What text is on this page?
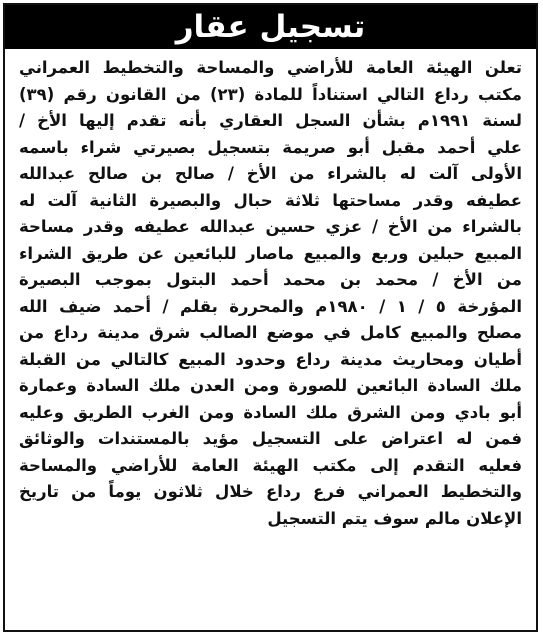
تسجيل عقار
تعلن الهيئة العامة للأراضي والمساحة والتخطيط العمراني
مكتب رداع التالي استناداً للمادة (٢٣) من القانون رقم (٣٩)
لسنة ١٩٩١م بشأن السجل العقاري بأنه تقدم إليها الأخ /
علي أحمد مقبل أبو صريمة بتسجيل بصيرتي شراء باسمه
الأولى آلت له بالشراء من الأخ / صالح بن صالح عبدالله
عطيفه وقدر مساحتها ثلاثة حبال والبصيرة الثانية آلت له
بالشراء من الأخ / عزي حسين عبدالله عطيفه وقدر مساحة
المبيع حبلين وربع والمبيع ماصار للبائعين عن طريق الشراء
من الأخ / محمد بن محمد أحمد البتول بموجب البصيرة
المؤرخة ٥ / ١ / ١٩٨٠م والمحررة بقلم / أحمد ضيف الله
مصلح والمبيع كامل في موضع الصالب شرق مدينة رداع من
أطيان ومحاريث مدينة رداع وحدود المبيع كالتالي من القبلة
ملك السادة البائعين للصورة ومن العدن ملك السادة وعمارة
أبو بادي ومن الشرق ملك السادة ومن الغرب الطريق وعليه
فمن له اعتراض على التسجيل مؤيد بالمستندات والوثائق
فعليه التقدم إلى مكتب الهيئة العامة للأراضي والمساحة
والتخطيط العمراني فرع رداع خلال ثلاثون يوماً من تاريخ
الإعلان مالم سوف يتم التسجيل
